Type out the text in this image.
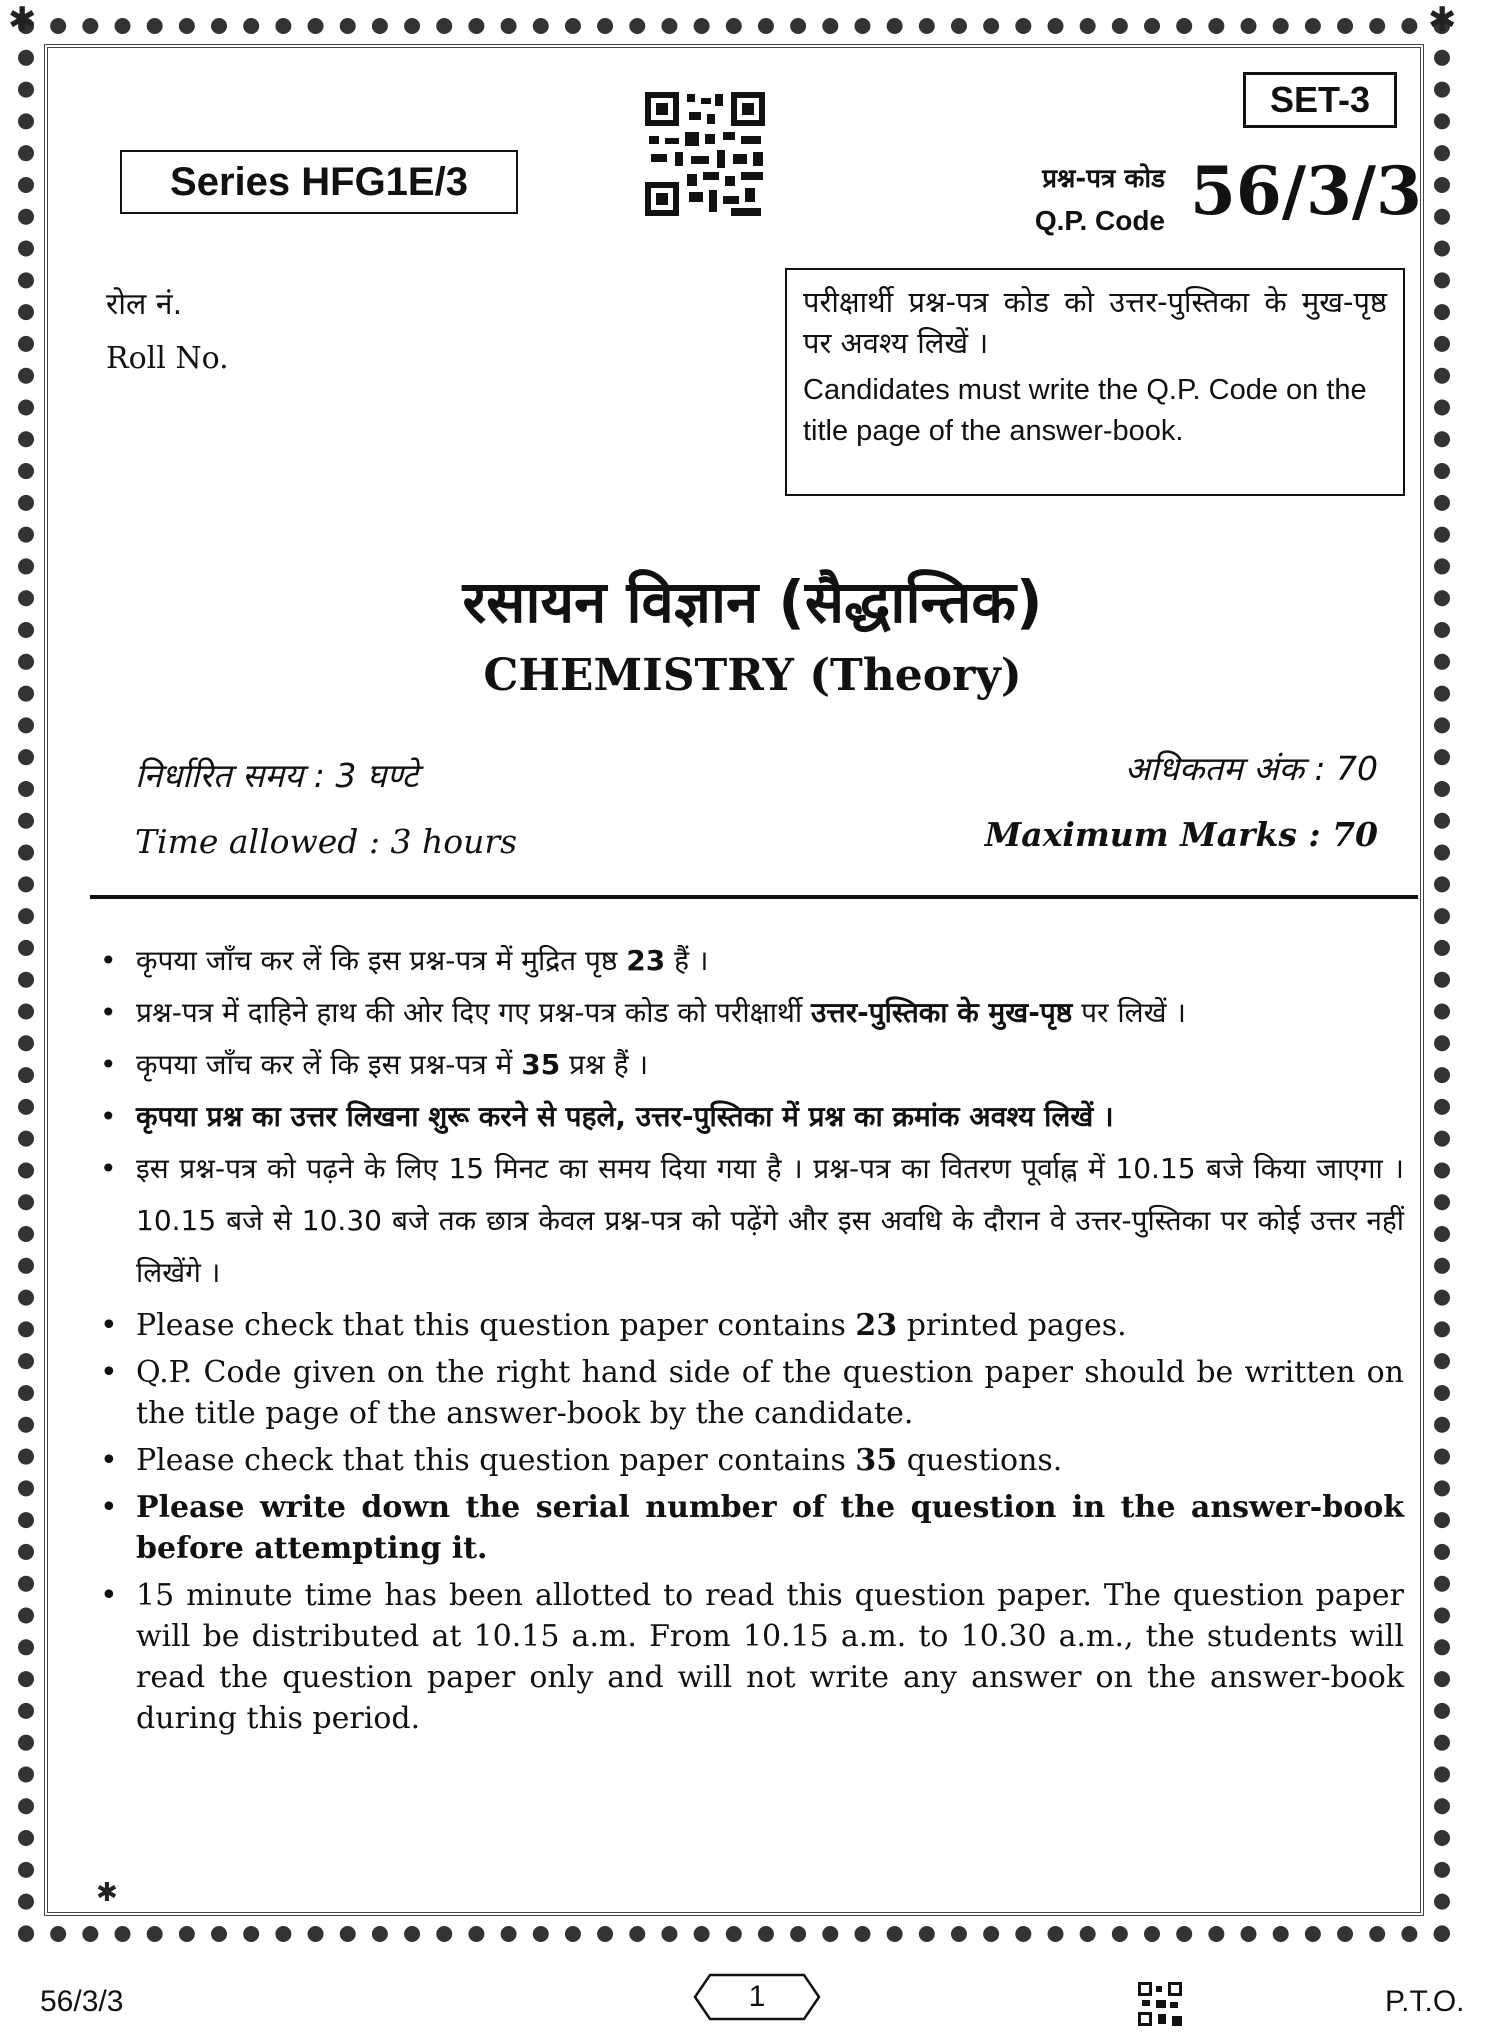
✱	✱
✱
SET-3
Series HFG1E/3	प्रश्न-पत्र कोड
Q.P. Code 56/3/3
रोल नं.
Roll No.
परीक्षार्थी प्रश्न-पत्र कोड को उत्तर-पुस्तिका के मुख-पृष्ठ पर अवश्य लिखें ।
Candidates must write the Q.P. Code on the title page of the answer-book.
रसायन विज्ञान (सैद्धान्तिक)
CHEMISTRY (Theory)
निर्धारित समय : 3 घण्टे	अधिकतम अंक : 70
Time allowed : 3 hours	Maximum Marks : 70
• कृपया जाँच कर लें कि इस प्रश्न-पत्र में मुद्रित पृष्ठ 23 हैं ।
• प्रश्न-पत्र में दाहिने हाथ की ओर दिए गए प्रश्न-पत्र कोड को परीक्षार्थी उत्तर-पुस्तिका के मुख-पृष्ठ पर लिखें ।
• कृपया जाँच कर लें कि इस प्रश्न-पत्र में 35 प्रश्न हैं ।
• कृपया प्रश्न का उत्तर लिखना शुरू करने से पहले, उत्तर-पुस्तिका में प्रश्न का क्रमांक अवश्य लिखें ।
• इस प्रश्न-पत्र को पढ़ने के लिए 15 मिनट का समय दिया गया है । प्रश्न-पत्र का वितरण पूर्वाह्न में 10.15 बजे किया जाएगा । 10.15 बजे से 10.30 बजे तक छात्र केवल प्रश्न-पत्र को पढ़ेंगे और इस अवधि के दौरान वे उत्तर-पुस्तिका पर कोई उत्तर नहीं लिखेंगे ।
• Please check that this question paper contains 23 printed pages.
• Q.P. Code given on the right hand side of the question paper should be written on the title page of the answer-book by the candidate.
• Please check that this question paper contains 35 questions.
• Please write down the serial number of the question in the answer-book before attempting it.
• 15 minute time has been allotted to read this question paper. The question paper will be distributed at 10.15 a.m. From 10.15 a.m. to 10.30 a.m., the students will read the question paper only and will not write any answer on the answer-book during this period.
56/3/3	1	P.T.O.
